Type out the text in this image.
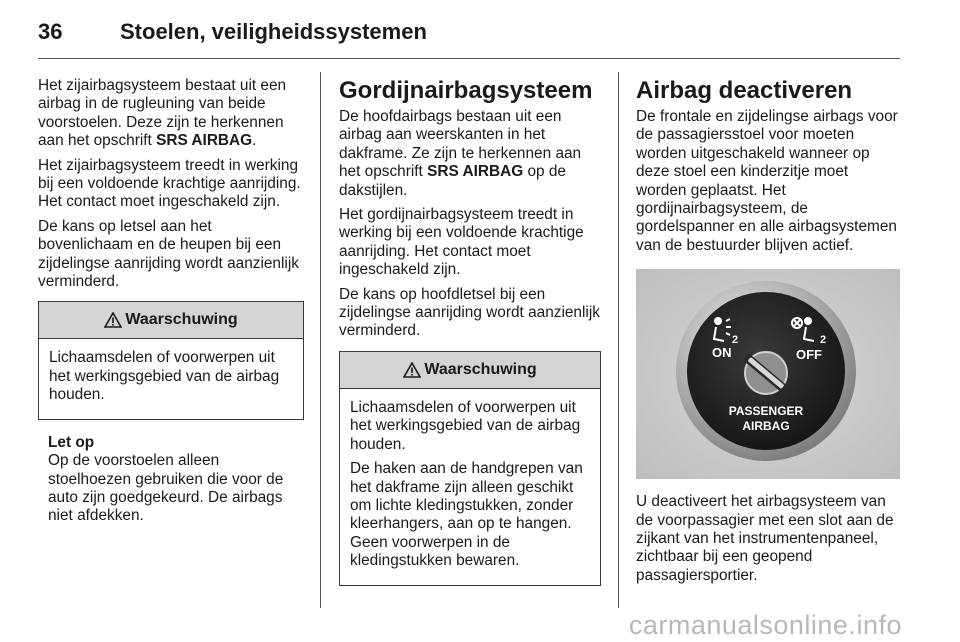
36	Stoelen, veiligheidssystemen

Het zijairbagsysteem bestaat uit een airbag in de rugleuning van beide voorstoelen. Deze zijn te herkennen aan het opschrift SRS AIRBAG.

Het zijairbagsysteem treedt in werking bij een voldoende krachtige aanrijding. Het contact moet ingeschakeld zijn.

De kans op letsel aan het bovenlichaam en de heupen bij een zijdelingse aanrijding wordt aanzienlijk verminderd.

Waarschuwing

Lichaamsdelen of voorwerpen uit het werkingsgebied van de airbag houden.

Let op
Op de voorstoelen alleen stoelhoezen gebruiken die voor de auto zijn goedgekeurd. De airbags niet afdekken.
Gordijnairbagsysteem

De hoofdairbags bestaan uit een airbag aan weerskanten in het dakframe. Ze zijn te herkennen aan het opschrift SRS AIRBAG op de dakstijlen.

Het gordijnairbagsysteem treedt in werking bij een voldoende krachtige aanrijding. Het contact moet ingeschakeld zijn.

De kans op hoofdletsel bij een zijdelingse aanrijding wordt aanzienlijk verminderd.

Waarschuwing

Lichaamsdelen of voorwerpen uit het werkingsgebied van de airbag houden.

De haken aan de handgrepen van het dakframe zijn alleen geschikt om lichte kledingstukken, zonder kleerhangers, aan op te hangen. Geen voorwerpen in de kledingstukken bewaren.

Airbag deactiveren

De frontale en zijdelingse airbags voor de passagiersstoel voor moeten worden uitgeschakeld wanneer op deze stoel een kinderzitje moet worden geplaatst. Het gordijnairbagsysteem, de gordelspanner en alle airbagsystemen van de bestuurder blijven actief.

2	2
ON	OFF
PASSENGER
AIRBAG

U deactiveert het airbagsysteem van de voorpassagier met een slot aan de zijkant van het instrumentenpaneel, zichtbaar bij een geopend passagiersportier.

carmanualsonline.info
